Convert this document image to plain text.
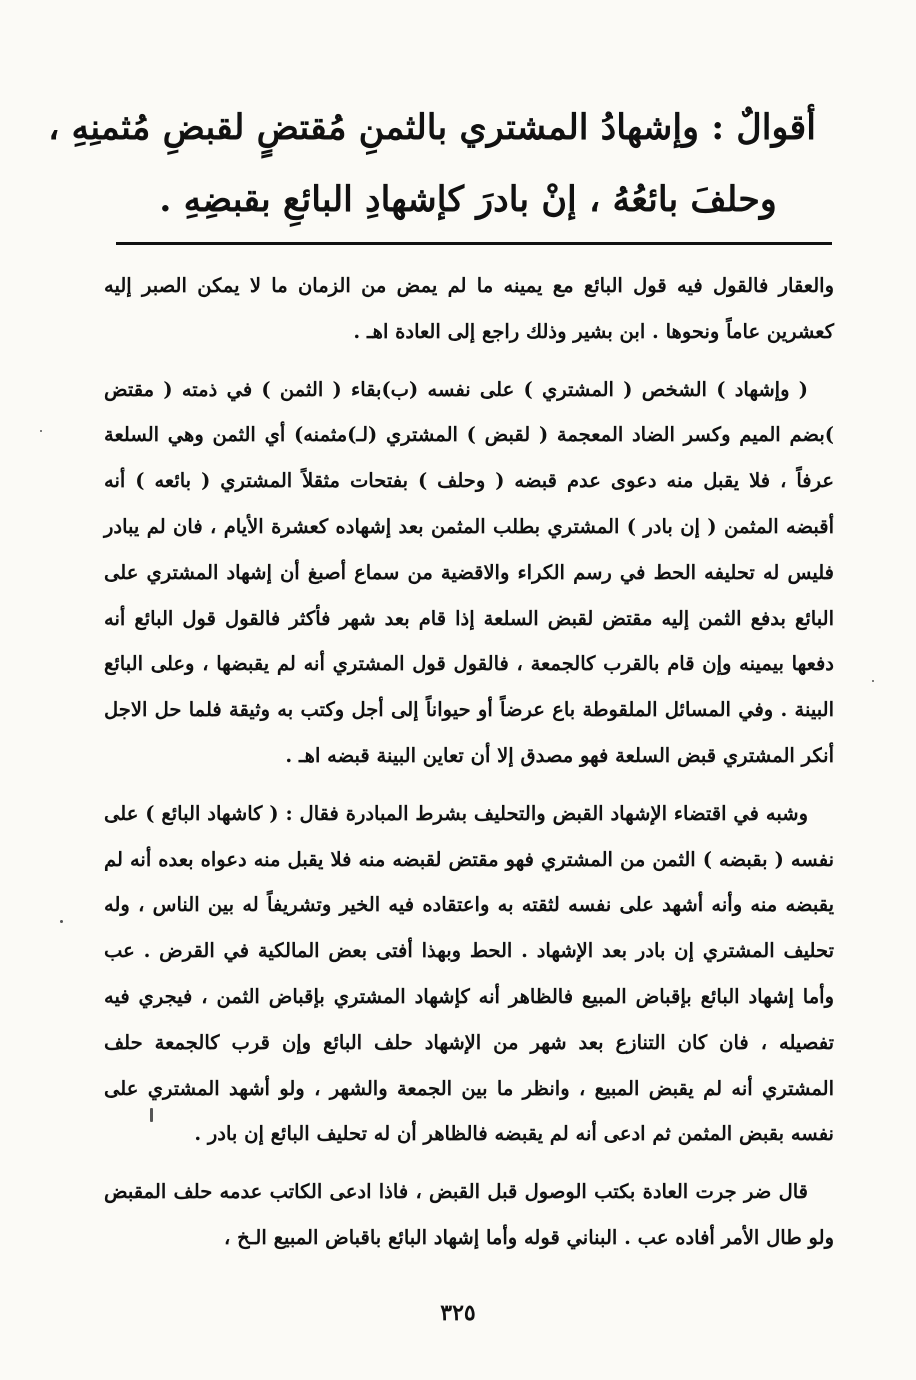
أقوالٌ : وإشهادُ المشتري بالثمنِ مُقتضٍ لقبضِ مُثمنِهِ ،
وحلفَ بائعُهُ ، إنْ بادرَ كإشهادِ البائعِ بقبضِهِ .

والعقار فالقول فيه قول البائع مع يمينه ما لم يمض من الزمان ما لا يمكن الصبر إليه كعشرين عاماً ونحوها . ابن بشير وذلك راجع إلى العادة اهـ .

( وإشهاد ) الشخص ( المشتري ) على نفسه (ب)بقاء ( الثمن ) في ذمته ( مقتض )بضم الميم وكسر الضاد المعجمة ( لقبض ) المشتري (لـ)مثمنه) أي الثمن وهي السلعة عرفاً ، فلا يقبل منه دعوى عدم قبضه ( وحلف ) بفتحات مثقلاً المشتري ( بائعه ) أنه أقبضه المثمن ( إن بادر ) المشتري بطلب المثمن بعد إشهاده كعشرة الأيام ، فان لم يبادر فليس له تحليفه الحط في رسم الكراء والاقضية من سماع أصبغ أن إشهاد المشتري على البائع بدفع الثمن إليه مقتض لقبض السلعة إذا قام بعد شهر فأكثر فالقول قول البائع أنه دفعها بيمينه وإن قام بالقرب كالجمعة ، فالقول قول المشتري أنه لم يقبضها ، وعلى البائع البينة . وفي المسائل الملقوطة باع عرضاً أو حيواناً إلى أجل وكتب به وثيقة فلما حل الاجل أنكر المشتري قبض السلعة فهو مصدق إلا أن تعاين البينة قبضه اهـ .

وشبه في اقتضاء الإشهاد القبض والتحليف بشرط المبادرة فقال : ( كاشهاد البائع ) على نفسه ( بقبضه ) الثمن من المشتري فهو مقتض لقبضه منه فلا يقبل منه دعواه بعده أنه لم يقبضه منه وأنه أشهد على نفسه لثقته به واعتقاده فيه الخير وتشريفاً له بين الناس ، وله تحليف المشتري إن بادر بعد الإشهاد . الحط وبهذا أفتى بعض المالكية في القرض . عب وأما إشهاد البائع بإقباض المبيع فالظاهر أنه كإشهاد المشتري بإقباض الثمن ، فيجري فيه تفصيله ، فان كان التنازع بعد شهر من الإشهاد حلف البائع وإن قرب كالجمعة حلف المشتري أنه لم يقبض المبيع ، وانظر ما بين الجمعة والشهر ، ولو أشهد المشتري على نفسه بقبض المثمن ثم ادعى أنه لم يقبضه فالظاهر أن له تحليف البائع إن بادر .

قال ضر جرت العادة بكتب الوصول قبل القبض ، فاذا ادعى الكاتب عدمه حلف المقبض ولو طال الأمر أفاده عب . البناني قوله وأما إشهاد البائع باقباض المبيع الـخ ،

٣٢٥
